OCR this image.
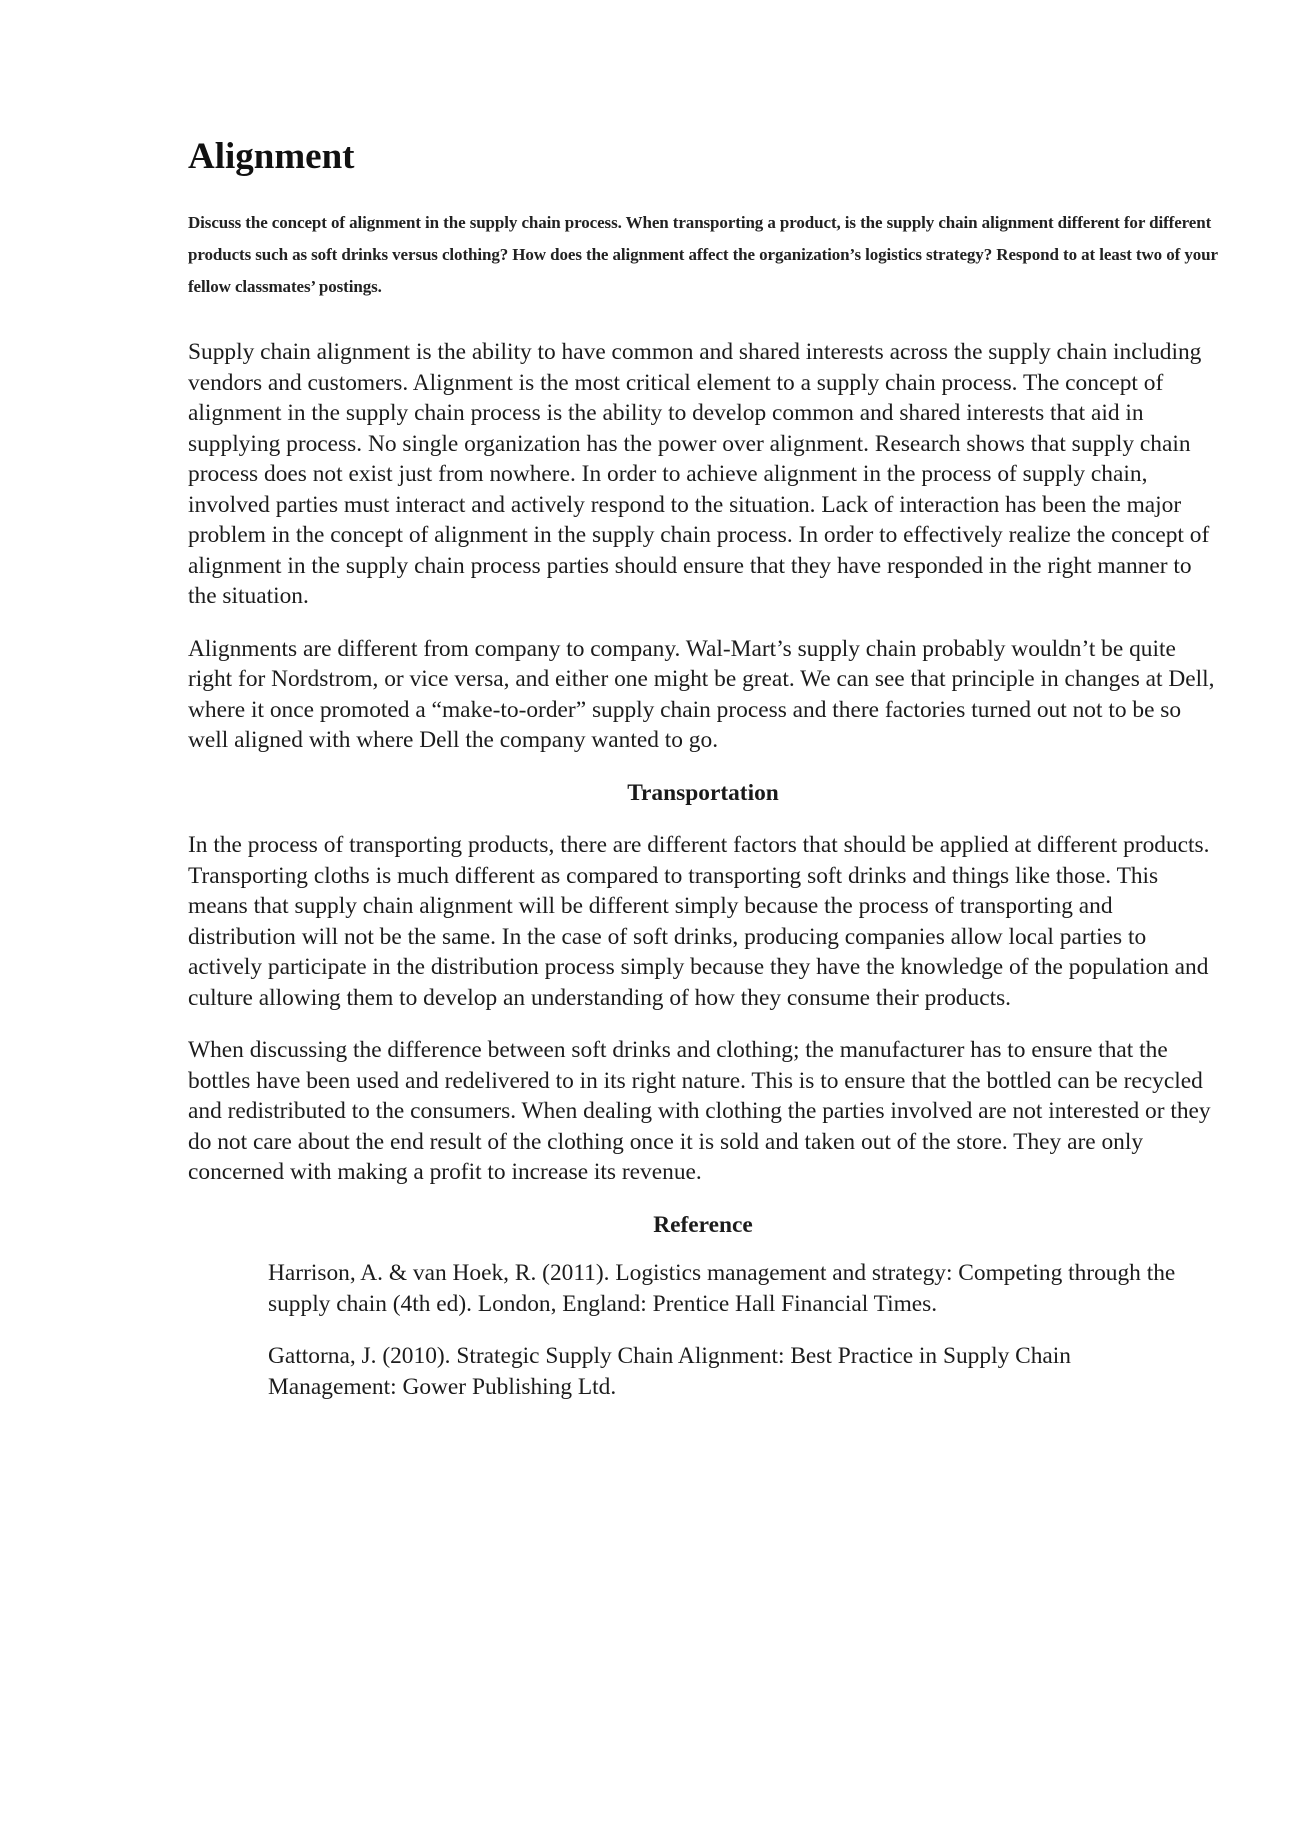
Alignment

Discuss the concept of alignment in the supply chain process. When transporting a product, is the supply chain alignment different for different products such as soft drinks versus clothing? How does the alignment affect the organization’s logistics strategy? Respond to at least two of your fellow classmates’ postings.

Supply chain alignment is the ability to have common and shared interests across the supply chain including vendors and customers. Alignment is the most critical element to a supply chain process. The concept of alignment in the supply chain process is the ability to develop common and shared interests that aid in supplying process. No single organization has the power over alignment. Research shows that supply chain process does not exist just from nowhere. In order to achieve alignment in the process of supply chain, involved parties must interact and actively respond to the situation. Lack of interaction has been the major problem in the concept of alignment in the supply chain process. In order to effectively realize the concept of alignment in the supply chain process parties should ensure that they have responded in the right manner to the situation.

Alignments are different from company to company. Wal-Mart’s supply chain probably wouldn’t be quite right for Nordstrom, or vice versa, and either one might be great. We can see that principle in changes at Dell, where it once promoted a “make-to-order” supply chain process and there factories turned out not to be so well aligned with where Dell the company wanted to go.

Transportation

In the process of transporting products, there are different factors that should be applied at different products. Transporting cloths is much different as compared to transporting soft drinks and things like those. This means that supply chain alignment will be different simply because the process of transporting and distribution will not be the same. In the case of soft drinks, producing companies allow local parties to actively participate in the distribution process simply because they have the knowledge of the population and culture allowing them to develop an understanding of how they consume their products.

When discussing the difference between soft drinks and clothing; the manufacturer has to ensure that the bottles have been used and redelivered to in its right nature. This is to ensure that the bottled can be recycled and redistributed to the consumers. When dealing with clothing the parties involved are not interested or they do not care about the end result of the clothing once it is sold and taken out of the store. They are only concerned with making a profit to increase its revenue.

Reference
Harrison, A. & van Hoek, R. (2011). Logistics management and strategy: Competing through the supply chain (4th ed). London, England: Prentice Hall Financial Times.
Gattorna, J. (2010). Strategic Supply Chain Alignment: Best Practice in Supply Chain Management: Gower Publishing Ltd.
